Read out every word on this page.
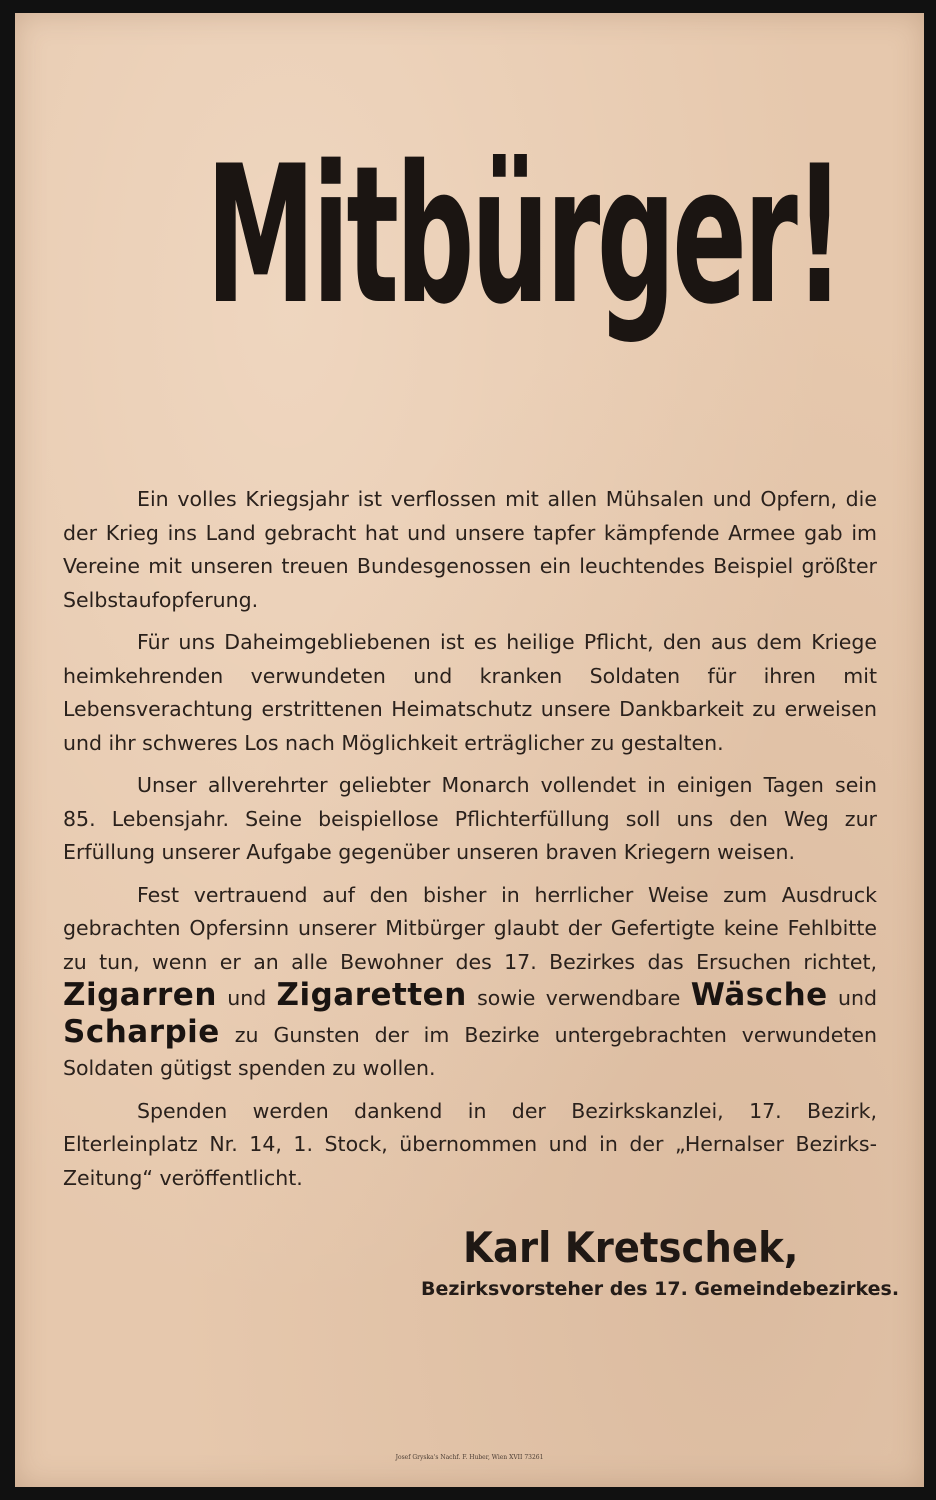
Mitbürger!

Ein volles Kriegsjahr ist verflossen mit allen Mühsalen und Opfern, die der Krieg ins Land gebracht hat und unsere tapfer kämpfende Armee gab im Vereine mit unseren treuen Bundesgenossen ein leuchtendes Beispiel größter Selbstaufopferung.

Für uns Daheimgebliebenen ist es heilige Pflicht, den aus dem Kriege heimkehrenden verwundeten und kranken Soldaten für ihren mit Lebensverachtung erstrittenen Heimatschutz unsere Dankbarkeit zu erweisen und ihr schweres Los nach Möglichkeit erträglicher zu gestalten.

Unser allverehrter geliebter Monarch vollendet in einigen Tagen sein 85. Lebensjahr. Seine beispiellose Pflichterfüllung soll uns den Weg zur Erfüllung unserer Aufgabe gegenüber unseren braven Kriegern weisen.

Fest vertrauend auf den bisher in herrlicher Weise zum Ausdruck gebrachten Opfersinn unserer Mitbürger glaubt der Gefertigte keine Fehlbitte zu tun, wenn er an alle Bewohner des 17. Bezirkes das Ersuchen richtet, Zigarren und Zigaretten sowie verwendbare Wäsche und Scharpie zu Gunsten der im Bezirke untergebrachten verwundeten Soldaten gütigst spenden zu wollen.

Spenden werden dankend in der Bezirkskanzlei, 17. Bezirk, Elterleinplatz Nr. 14, 1. Stock, übernommen und in der „Hernalser Bezirks-Zeitung“ veröffentlicht.

Karl Kretschek,
Bezirksvorsteher des 17. Gemeindebezirkes.
Josef Gryska's Nachf. F. Huber, Wien XVII 73261
